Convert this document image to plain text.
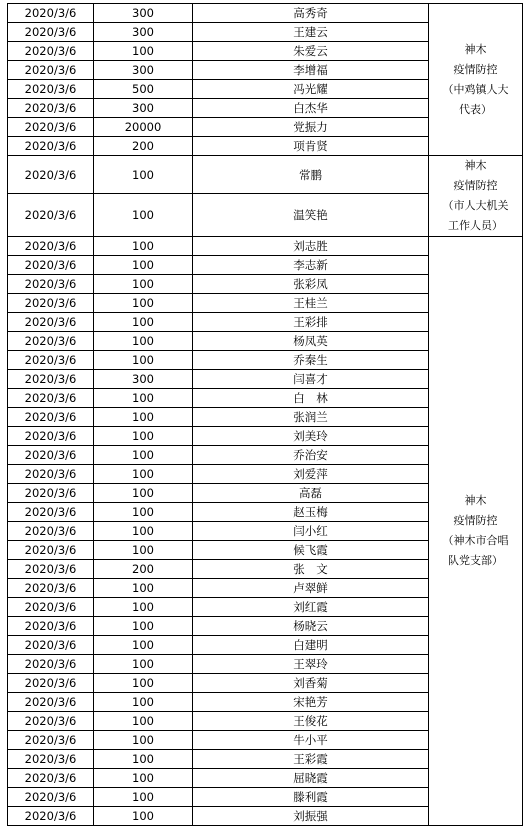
2020/3/6	300	高秀奇	神木
疫情防控
（中鸡镇人大
代表）

2020/3/6	300	王建云	
2020/3/6	100	朱爱云	
2020/3/6	300	李增福	
2020/3/6	500	冯光耀	
2020/3/6	300	白杰华	
2020/3/6	20000	党振力	
2020/3/6	200	项肯贤	
2020/3/6	100	常鹏	神木
疫情防控
（市人大机关
工作人员）

2020/3/6	100	温笑艳	
2020/3/6	100	刘志胜	神木
疫情防控
（神木市合唱
队党支部）

2020/3/6	100	李志新	
2020/3/6	100	张彩凤	
2020/3/6	100	王桂兰	
2020/3/6	100	王彩排	
2020/3/6	100	杨凤英	
2020/3/6	100	乔秦生	
2020/3/6	300	闫喜才	
2020/3/6	100	白　林	
2020/3/6	100	张润兰	
2020/3/6	100	刘美玲	
2020/3/6	100	乔治安	
2020/3/6	100	刘爱萍	
2020/3/6	100	高磊	
2020/3/6	100	赵玉梅	
2020/3/6	100	闫小红	
2020/3/6	100	候飞霞	
2020/3/6	200	张　文	
2020/3/6	100	卢翠鲜	
2020/3/6	100	刘红霞	
2020/3/6	100	杨晓云	
2020/3/6	100	白建明	
2020/3/6	100	王翠玲	
2020/3/6	100	刘香菊	
2020/3/6	100	宋艳芳	
2020/3/6	100	王俊花	
2020/3/6	100	牛小平	
2020/3/6	100	王彩霞	
2020/3/6	100	屈晓霞	
2020/3/6	100	滕利霞	
2020/3/6	100	刘振强	
